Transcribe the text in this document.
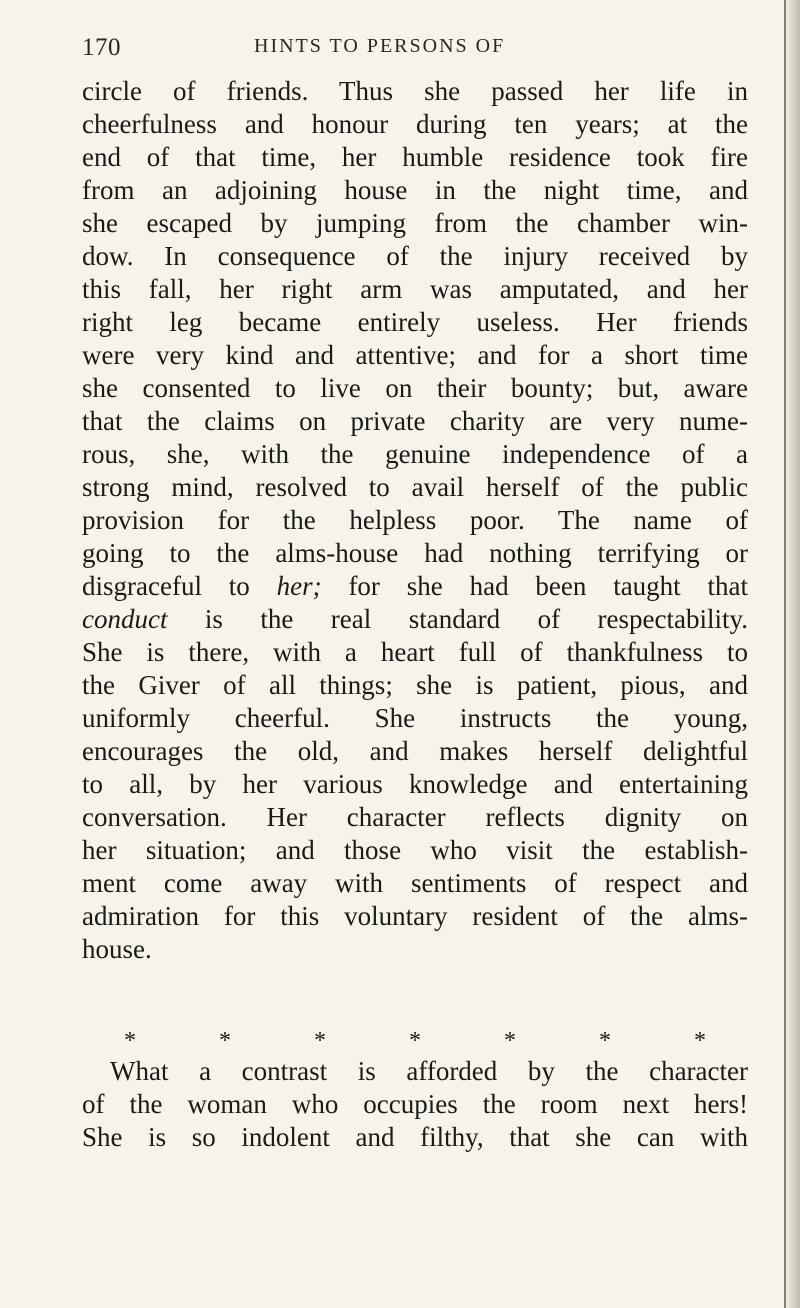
170	HINTS TO PERSONS OF
circle of friends. Thus she passed her life in
cheerfulness and honour during ten years; at the
end of that time, her humble residence took fire
from an adjoining house in the night time, and
she escaped by jumping from the chamber win-
dow. In consequence of the injury received by
this fall, her right arm was amputated, and her
right leg became entirely useless. Her friends
were very kind and attentive; and for a short time
she consented to live on their bounty; but, aware
that the claims on private charity are very nume-
rous, she, with the genuine independence of a
strong mind, resolved to avail herself of the public
provision for the helpless poor. The name of
going to the alms-house had nothing terrifying or
disgraceful to her; for she had been taught that
conduct is the real standard of respectability.
She is there, with a heart full of thankfulness to
the Giver of all things; she is patient, pious, and
uniformly cheerful. She instructs the young,
encourages the old, and makes herself delightful
to all, by her various knowledge and entertaining
conversation. Her character reflects dignity on
her situation; and those who visit the establish-
ment come away with sentiments of respect and
admiration for this voluntary resident of the alms-
house.
*	*	*	*	*	*	*
What a contrast is afforded by the character
of the woman who occupies the room next hers!
She is so indolent and filthy, that she can with
